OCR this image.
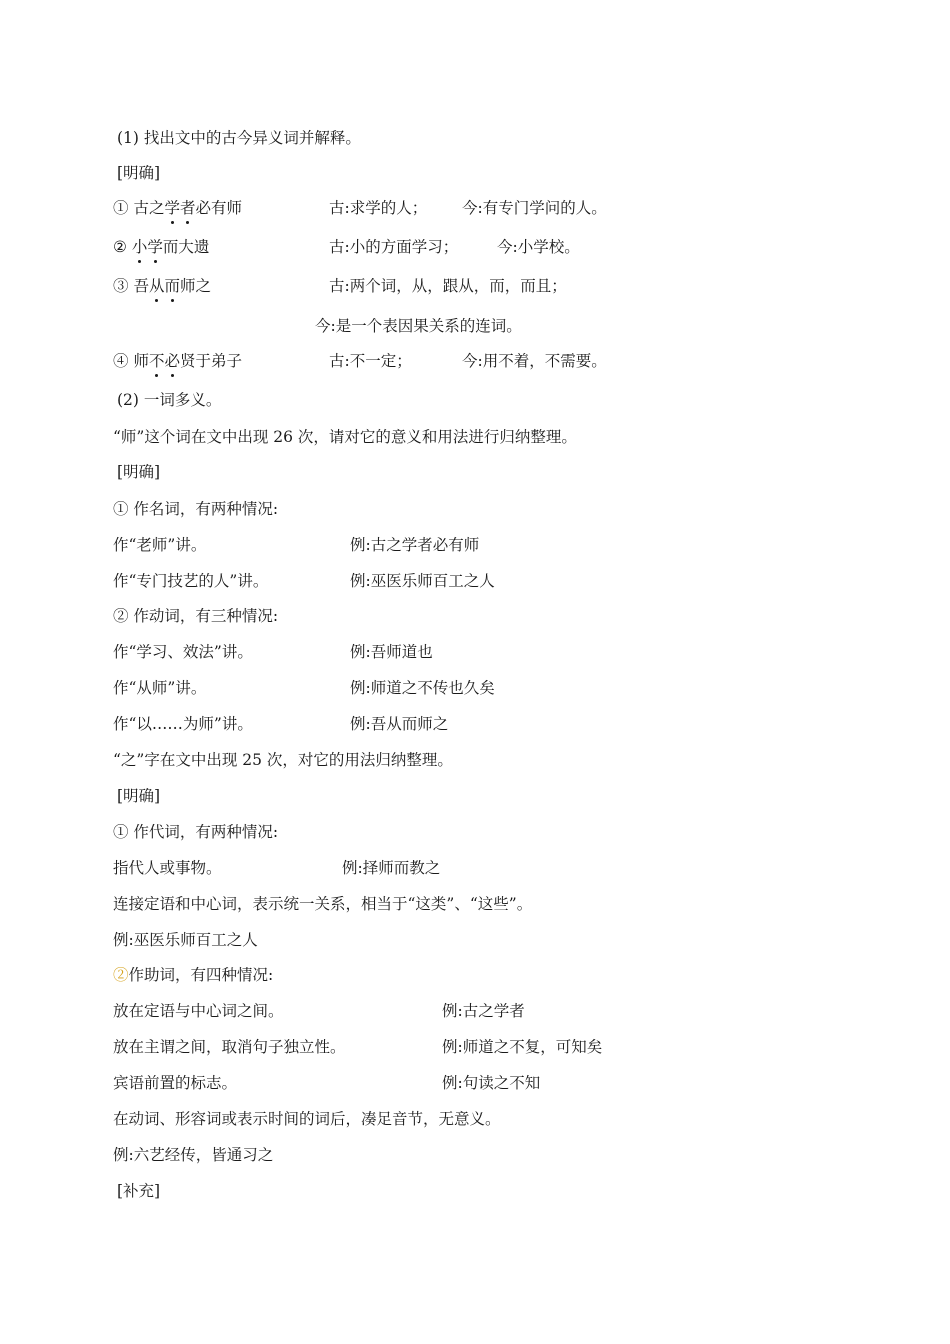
(1) 找出文中的古今异义词并解释。
[明确]
① 古之学者必有师	古:求学的人； 今:有专门学问的人。
② 小学而大遗	古:小的方面学习；	今:小学校。
③ 吾从而师之	古:两个词，从，跟从，而，而且；
今:是一个表因果关系的连词。
④ 师不必贤于弟子	古:不一定；	今:用不着，不需要。
(2) 一词多义。
“师”这个词在文中出现 26 次，请对它的意义和用法进行归纳整理。
[明确]
① 作名词，有两种情况:
作“老师”讲。	例:古之学者必有师
作“专门技艺的人”讲。	例:巫医乐师百工之人
② 作动词，有三种情况:
作“学习、效法”讲。	例:吾师道也
作“从师”讲。	例:师道之不传也久矣
作“以……为师”讲。	例:吾从而师之
“之”字在文中出现 25 次，对它的用法归纳整理。
[明确]
① 作代词，有两种情况:
指代人或事物。	例:择师而教之
连接定语和中心词，表示统一关系，相当于“这类”、“这些”。
例:巫医乐师百工之人
②作助词，有四种情况:
放在定语与中心词之间。	例:古之学者
放在主谓之间，取消句子独立性。	例:师道之不复，可知矣
宾语前置的标志。	例:句读之不知
在动词、形容词或表示时间的词后，凑足音节，无意义。
例:六艺经传，皆通习之
[补充]
